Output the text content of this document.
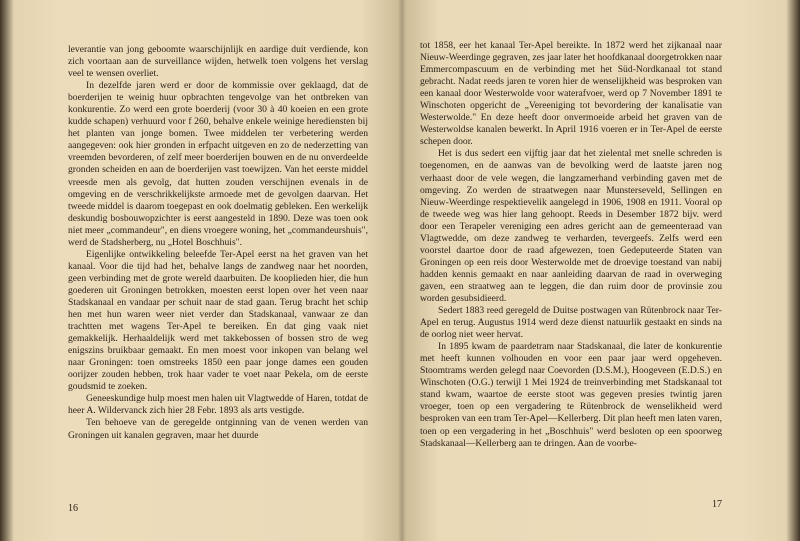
leverantie van jong geboomte waarschijnlijk en aardige duit verdiende, kon zich voortaan aan de surveillance wijden, hetwelk toen volgens het verslag veel te wensen overliet.

In dezelfde jaren werd er door de kommissie over geklaagd, dat de boerderijen te weinig huur opbrachten tengevolge van het ontbreken van konkurentie. Zo werd een grote boerderij (voor 30 à 40 koeien en een grote kudde schapen) verhuurd voor f 260, behalve enkele weinige herediensten bij het planten van jonge bomen. Twee middelen ter verbetering werden aangegeven: ook hier gronden in erfpacht uitgeven en zo de nederzetting van vreemden bevorderen, of zelf meer boerderijen bouwen en de nu onverdeelde gronden scheiden en aan de boerderijen vast toewijzen. Van het eerste middel vreesde men als gevolg, dat hutten zouden verschijnen evenals in de omgeving en de verschrikkelijkste armoede met de gevolgen daarvan. Het tweede middel is daarom toegepast en ook doelmatig gebleken. Een werkelijk deskundig bosbouwopzichter is eerst aangesteld in 1890. Deze was toen ook niet meer „commandeur", en diens vroegere woning, het „commandeurshuis", werd de Stadsherberg, nu „Hotel Boschhuis".

Eigenlijke ontwikkeling beleefde Ter-Apel eerst na het graven van het kanaal. Voor die tijd had het, behalve langs de zandweg naar het noorden, geen verbinding met de grote wereld daarbuiten. De kooplieden hier, die hun goederen uit Groningen betrokken, moesten eerst lopen over het veen naar Stadskanaal en vandaar per schuit naar de stad gaan. Terug bracht het schip hen met hun waren weer niet verder dan Stadskanaal, vanwaar ze dan trachtten met wagens Ter-Apel te bereiken. En dat ging vaak niet gemakkelijk. Herhaaldelijk werd met takkebossen of bossen stro de weg enigszins bruikbaar gemaakt. En men moest voor inkopen van belang wel naar Groningen: toen omstreeks 1850 een paar jonge dames een gouden oorijzer zouden hebben, trok haar vader te voet naar Pekela, om de eerste goudsmid te zoeken.

Geneeskundige hulp moest men halen uit Vlagtwedde of Haren, totdat de heer A. Wildervanck zich hier 28 Febr. 1893 als arts vestigde.

Ten behoeve van de geregelde ontginning van de venen werden van Groningen uit kanalen gegraven, maar het duurde

16

tot 1858, eer het kanaal Ter-Apel bereikte. In 1872 werd het zijkanaal naar Nieuw-Weerdinge gegraven, zes jaar later het hoofdkanaal doorgetrokken naar Emmercompascuum en de verbinding met het Süd-Nordkanaal tot stand gebracht. Nadat reeds jaren te voren hier de wenselijkheid was besproken van een kanaal door Westerwolde voor waterafvoer, werd op 7 November 1891 te Winschoten opgericht de „Vereeniging tot bevordering der kanalisatie van Westerwolde." En deze heeft door onvermoeide arbeid het graven van de Westerwoldse kanalen bewerkt. In April 1916 voeren er in Ter-Apel de eerste schepen door.

Het is dus sedert een vijftig jaar dat het zielental met snelle schreden is toegenomen, en de aanwas van de bevolking werd de laatste jaren nog verhaast door de vele wegen, die langzamerhand verbinding gaven met de omgeving. Zo werden de straatwegen naar Munsterseveld, Sellingen en Nieuw-Weerdinge respektievelik aangelegd in 1906, 1908 en 1911. Vooral op de tweede weg was hier lang gehoopt. Reeds in Desember 1872 bijv. werd door een Terapeler vereniging een adres gericht aan de gemeenteraad van Vlagtwedde, om deze zandweg te verharden, tevergeefs. Zelfs werd een voorstel daartoe door de raad afgewezen, toen Gedeputeerde Staten van Groningen op een reis door Westerwolde met de droevige toestand van nabij hadden kennis gemaakt en naar aanleiding daarvan de raad in overweging gaven, een straatweg aan te leggen, die dan ruim door de provinsie zou worden gesubsidieerd.

Sedert 1883 reed geregeld de Duitse postwagen van Rütenbrock naar Ter-Apel en terug. Augustus 1914 werd deze dienst natuurlik gestaakt en sinds na de oorlog niet weer hervat.

In 1895 kwam de paardetram naar Stadskanaal, die later de konkurentie met heeft kunnen volhouden en voor een paar jaar werd opgeheven. Stoomtrams werden gelegd naar Coevorden (D.S.M.), Hoogeveen (E.D.S.) en Winschoten (O.G.) terwijl 1 Mei 1924 de treinverbinding met Stadskanaal tot stand kwam, waartoe de eerste stoot was gegeven presies twintig jaren vroeger, toen op een vergadering te Rütenbrock de wenselikheid werd besproken van een tram Ter-Apel—Kellerberg. Dit plan heeft men laten varen, toen op een vergadering in het „Boschhuis" werd besloten op een spoorweg Stadskanaal—Kellerberg aan te dringen. Aan de voorbe-

17
